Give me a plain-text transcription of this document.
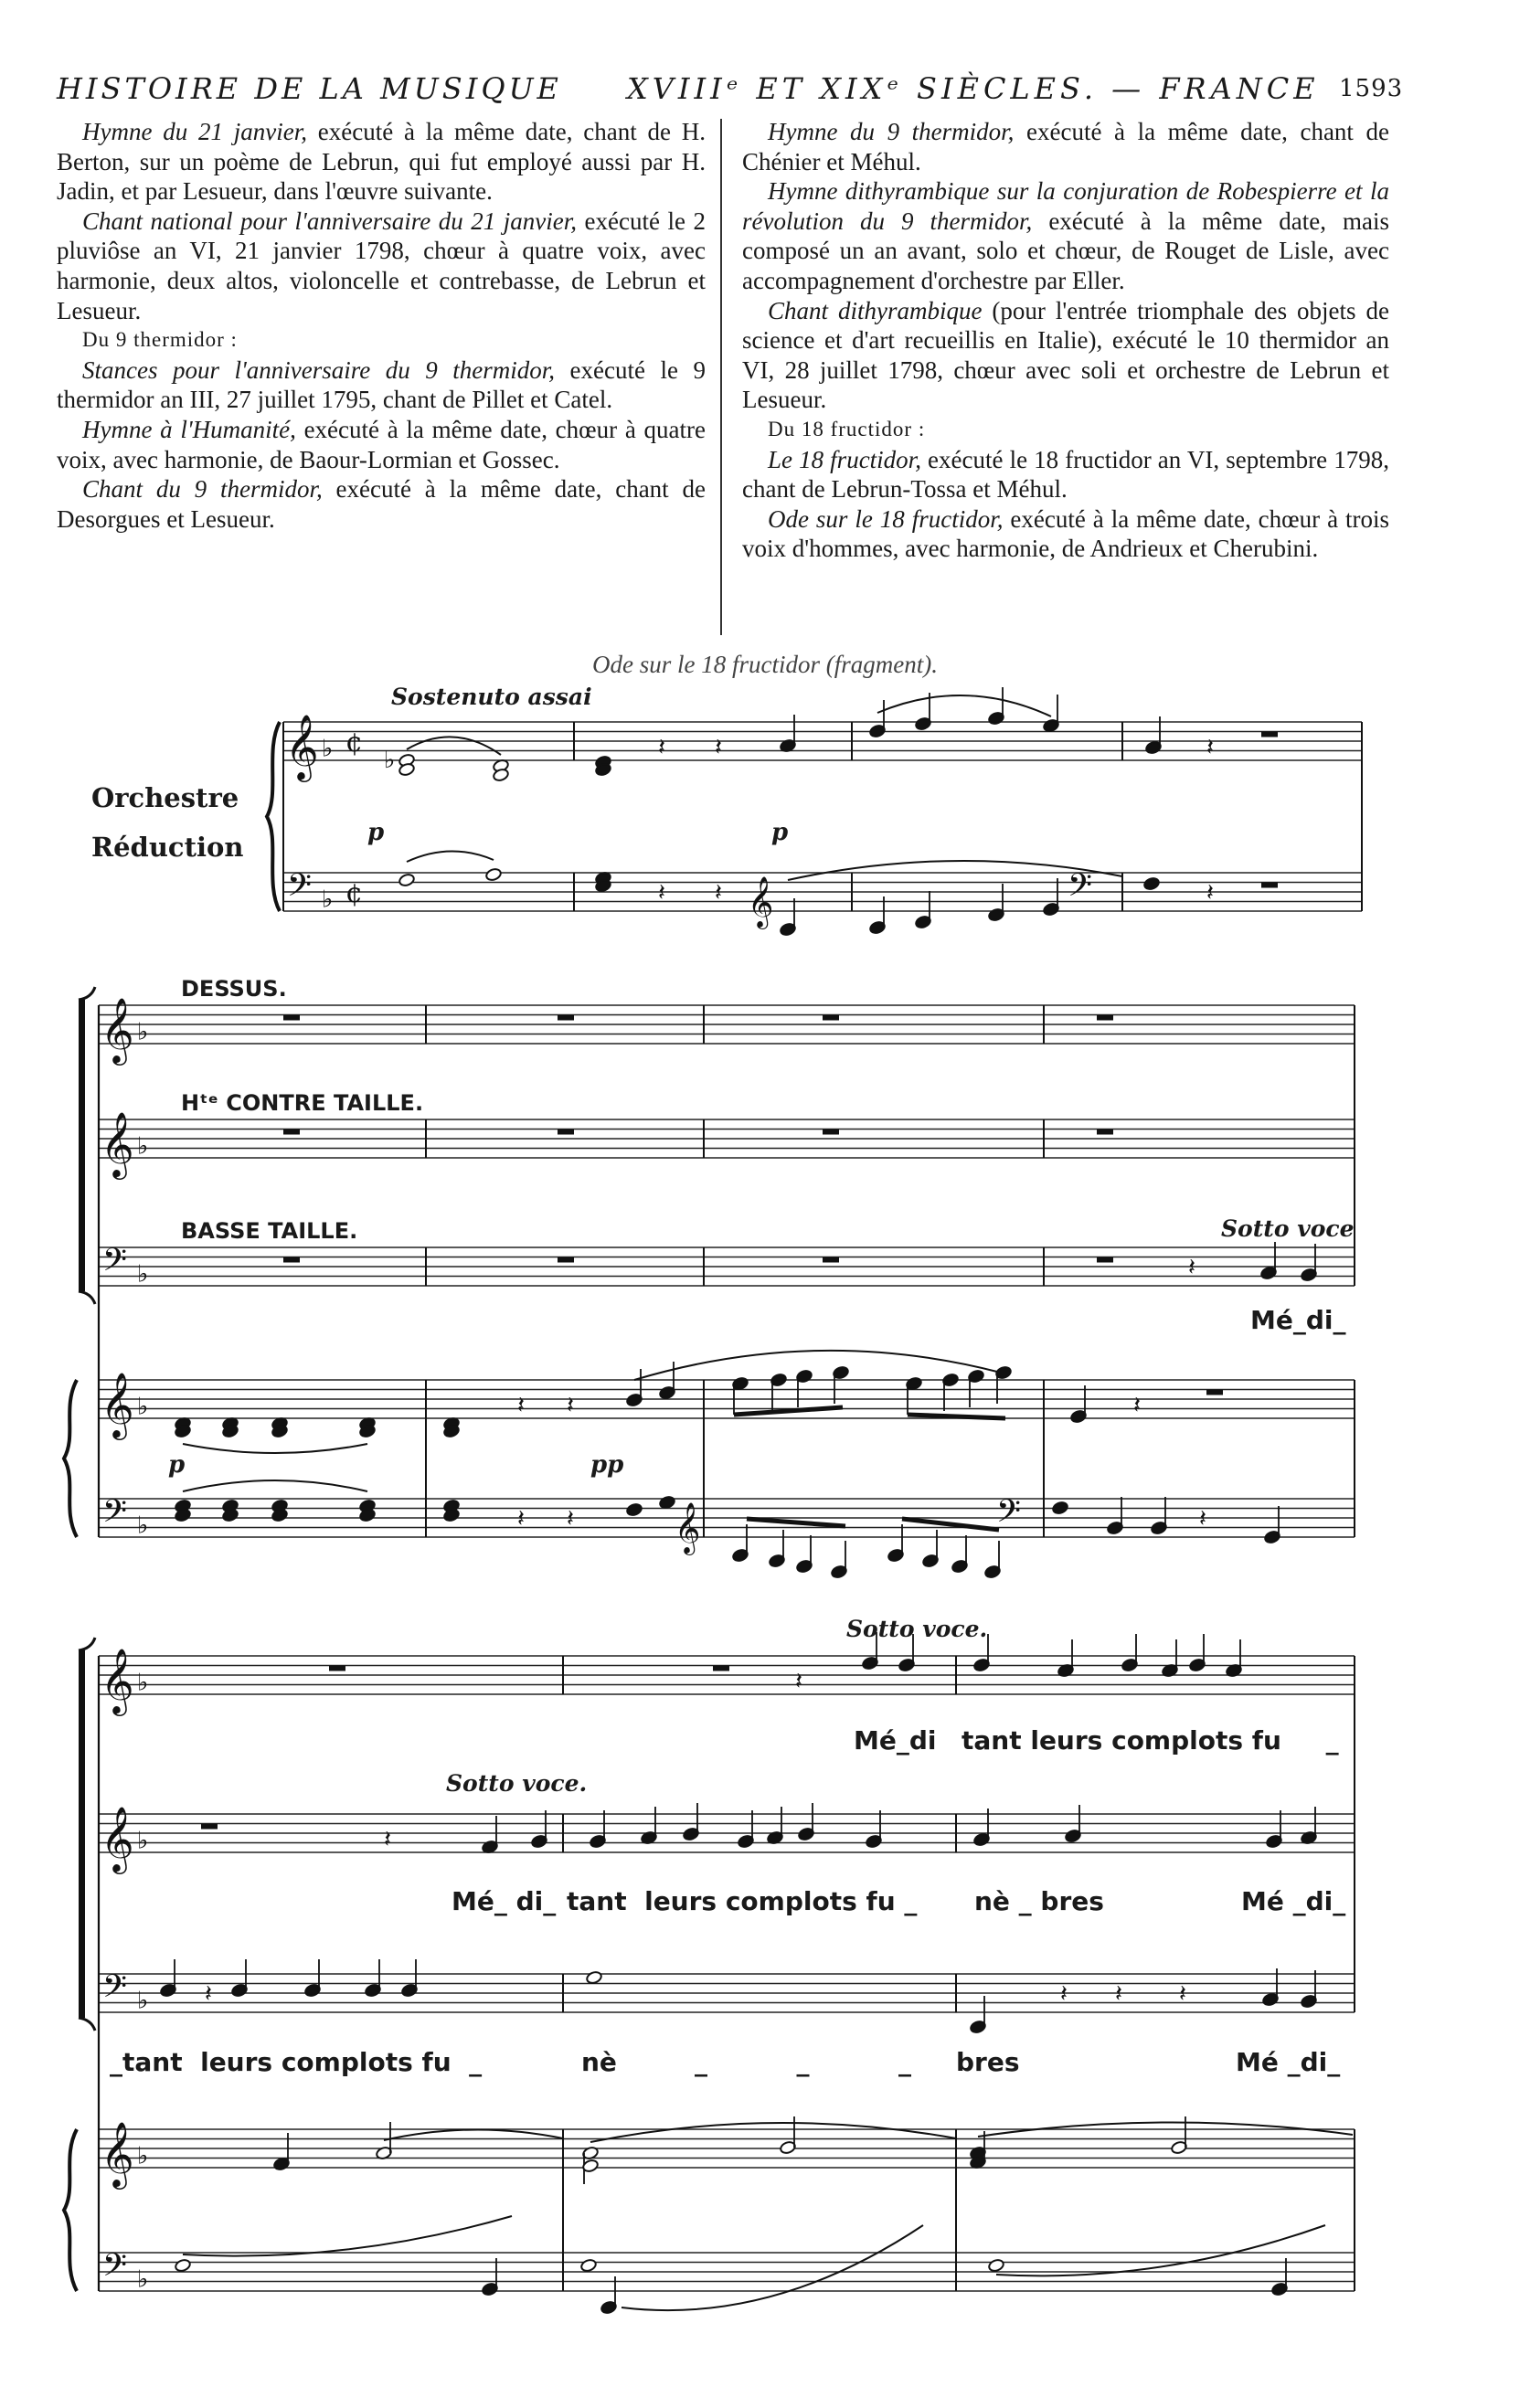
HISTOIRE DE LA MUSIQUE XVIIIᵉ ET XIXᵉ SIÈCLES. — FRANCE 1593

Hymne du 21 janvier, exécuté à la même date, chant de H. Berton, sur un poème de Lebrun, qui fut employé aussi par H. Jadin, et par Lesueur, dans l'œuvre suivante.

Chant national pour l'anniversaire du 21 janvier, exécuté le 2 pluviôse an VI, 21 janvier 1798, chœur à quatre voix, avec harmonie, deux altos, violoncelle et contrebasse, de Lebrun et Lesueur.

Du 9 thermidor :

Stances pour l'anniversaire du 9 thermidor, exécuté le 9 thermidor an III, 27 juillet 1795, chant de Pillet et Catel.

Hymne à l'Humanité, exécuté à la même date, chœur à quatre voix, avec harmonie, de Baour-Lormian et Gossec.

Chant du 9 thermidor, exécuté à la même date, chant de Desorgues et Lesueur.

Hymne du 9 thermidor, exécuté à la même date, chant de Chénier et Méhul.

Hymne dithyrambique sur la conjuration de Robespierre et la révolution du 9 thermidor, exécuté à la même date, mais composé un an avant, solo et chœur, de Rouget de Lisle, avec accompagnement d'orchestre par Eller.

Chant dithyrambique (pour l'entrée triomphale des objets de science et d'art recueillis en Italie), exécuté le 10 thermidor an VI, 28 juillet 1798, chœur avec soli et orchestre de Lebrun et Lesueur.

Du 18 fructidor :

Le 18 fructidor, exécuté le 18 fructidor an VI, septembre 1798, chant de Lebrun-Tossa et Méhul.

Ode sur le 18 fructidor, exécuté à la même date, chœur à trois voix d'hommes, avec harmonie, de Andrieux et Cherubini.

Ode sur le 18 fructidor (fragment).
𝄞 ♭
𝄢 ♭
¢
¢
♭	𝄽 𝄽	𝄽
𝄽 𝄽 𝄞	𝄢	𝄽
𝄞 ♭
𝄞 ♭
𝄞 ♭
𝄢 ♭
𝄢 ♭
𝄽
𝄽 𝄽	𝄽
𝄽 𝄽 𝄞	𝄢	𝄽
𝄞 ♭
𝄞 ♭
𝄞 ♭
𝄢 ♭
𝄢 ♭
𝄽
𝄽
𝄽	𝄽 𝄽 𝄽
Sostenuto assai
Orchestre
Réduction	p	p
DESSUS.
Hᵗᵉ CONTRE TAILLE.
BASSE TAILLE.	Sotto voce
Mé_di_
p	pp
Sotto voce.
Mé_di tant leurs complots fu     _
Sotto voce.
Mé_ di_ tant  leurs complots fu _ nè _ bres	Mé _di_
_tant  leurs complots fu  _	nè	_          _          _ bres	Mé _di_
